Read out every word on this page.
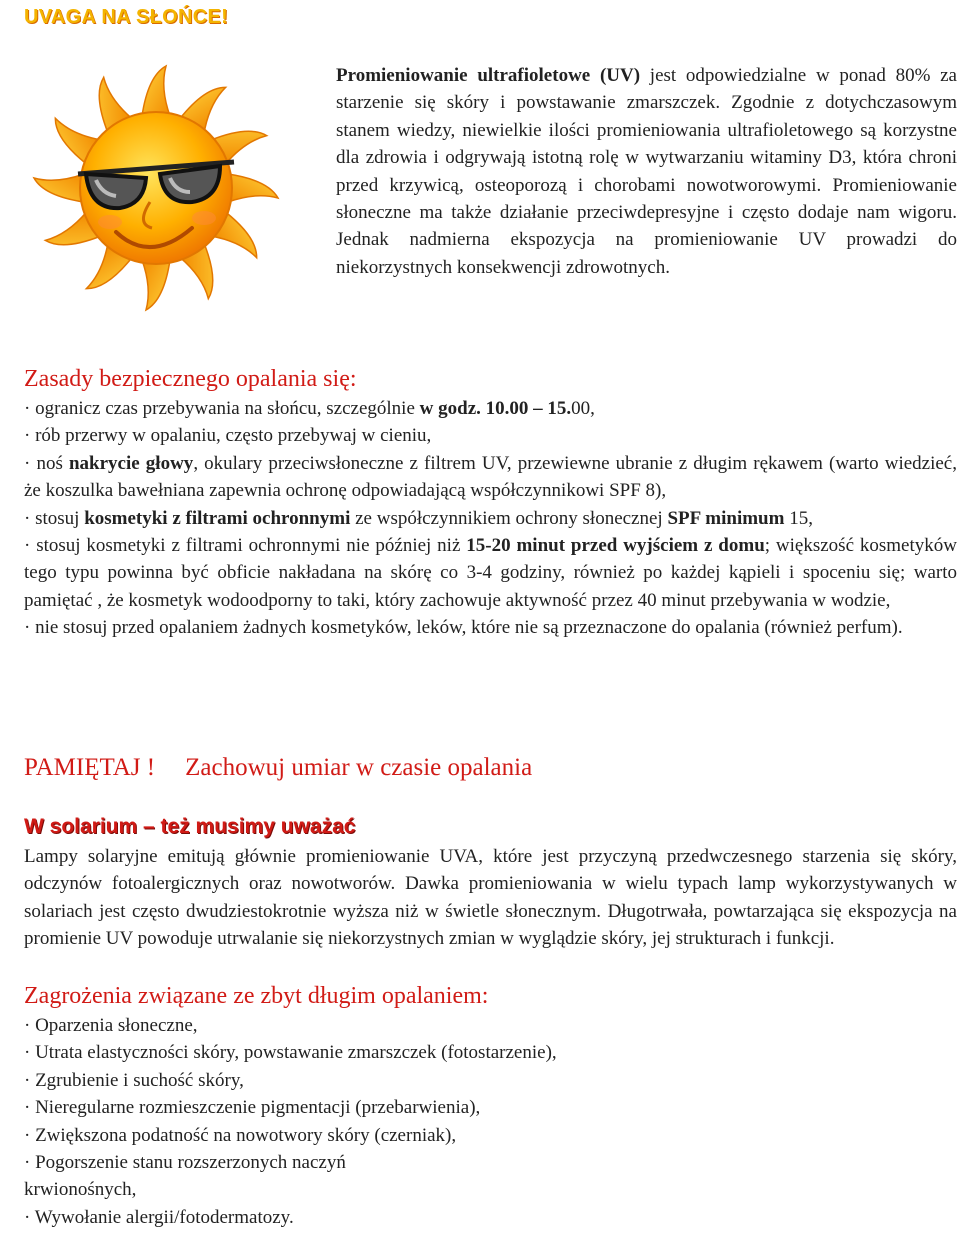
UVAGA NA SŁOŃCE!
Promieniowanie ultrafioletowe (UV) jest odpowiedzialne w ponad 80% za starzenie się skóry i powstawanie zmarszczek. Zgodnie z dotychczasowym stanem wiedzy, niewielkie ilości promieniowania ultrafioletowego są korzystne dla zdrowia i odgrywają istotną rolę w wytwarzaniu witaminy D3, która chroni przed krzywicą, osteoporozą i chorobami nowotworowymi. Promieniowanie słoneczne ma także działanie przeciwdepresyjne i często dodaje nam wigoru. Jednak nadmierna ekspozycja na promieniowanie UV prowadzi do niekorzystnych konsekwencji zdrowotnych.
Zasady bezpiecznego opalania się:

· ogranicz czas przebywania na słońcu, szczególnie w godz. 10.00 – 15.00,

· rób przerwy w opalaniu, często przebywaj w cieniu,

· noś nakrycie głowy, okulary przeciwsłoneczne z filtrem UV, przewiewne ubranie z długim rękawem (warto wiedzieć, że koszulka bawełniana zapewnia ochronę odpowiadającą współczynnikowi SPF 8),

· stosuj kosmetyki z filtrami ochronnymi ze współczynnikiem ochrony słonecznej SPF minimum 15,

· stosuj kosmetyki z filtrami ochronnymi nie później niż 15-20 minut przed wyjściem z domu; większość kosmetyków tego typu powinna być obficie nakładana na skórę co 3-4 godziny, również po każdej kąpieli i spoceniu się; warto pamiętać , że kosmetyk wodoodporny to taki, który zachowuje aktywność przez 40 minut przebywania w wodzie,

· nie stosuj przed opalaniem żadnych kosmetyków, leków, które nie są przeznaczone do opalania (również perfum).

PAMIĘTAJ ! Zachowuj umiar w czasie opalania
W solarium – też musimy uważać
Lampy solaryjne emitują głównie promieniowanie UVA, które jest przyczyną przedwczesnego starzenia się skóry, odczynów fotoalergicznych oraz nowotworów. Dawka promieniowania w wielu typach lamp wykorzystywanych w solariach jest często dwudziestokrotnie wyższa niż w świetle słonecznym. Długotrwała, powtarzająca się ekspozycja na promienie UV powoduje utrwalanie się niekorzystnych zmian w wyglądzie skóry, jej strukturach i funkcji.
Zagrożenia związane ze zbyt długim opalaniem:

· Oparzenia słoneczne,

· Utrata elastyczności skóry, powstawanie zmarszczek (fotostarzenie),

· Zgrubienie i suchość skóry,

· Nieregularne rozmieszczenie pigmentacji (przebarwienia),

· Zwiększona podatność na nowotwory skóry (czerniak),

· Pogorszenie stanu rozszerzonych naczyń krwionośnych,

· Wywołanie alergii/fotodermatozy.
